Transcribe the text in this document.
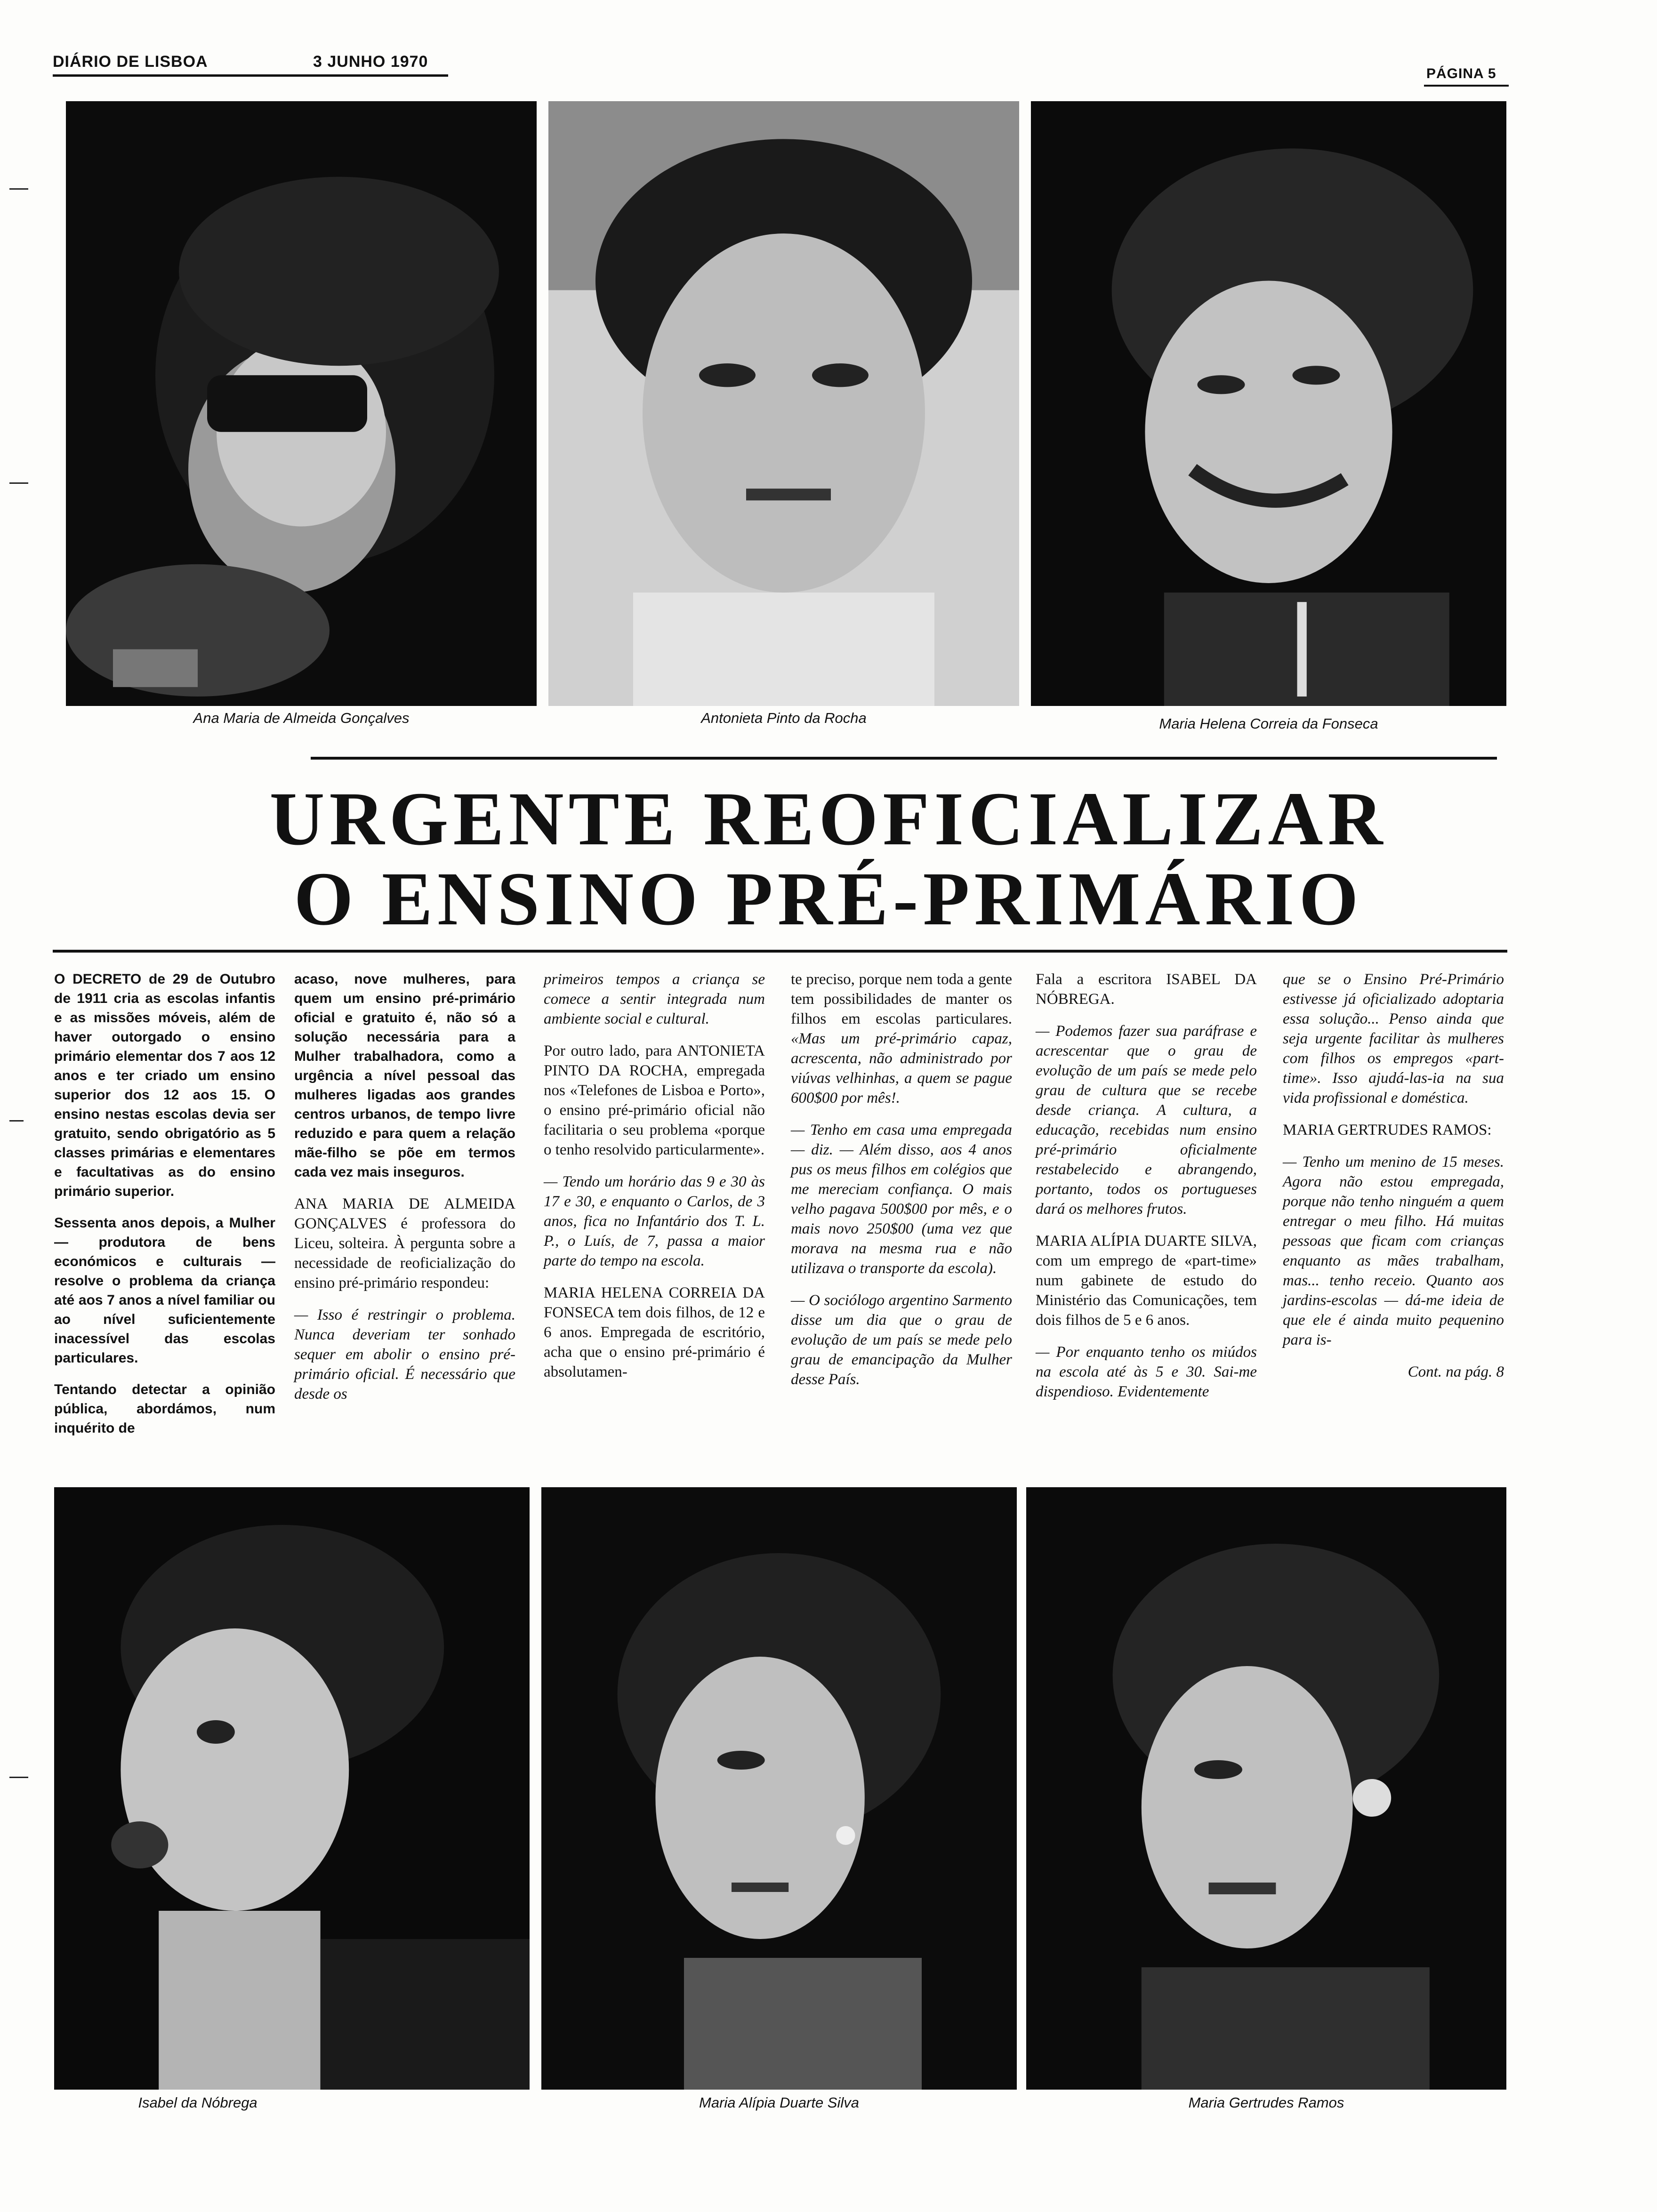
DIÁRIO DE LISBOA	3 JUNHO 1970
PÁGINA 5
Ana Maria de Almeida Gonçalves	Antonieta Pinto da Rocha	Maria Helena Correia da Fonseca
URGENTE REOFICIALIZAR
O ENSINO PRÉ-PRIMÁRIO

O DECRETO de 29 de Outubro de 1911 cria as escolas infantis e as missões móveis, além de haver outorgado o ensino primário elementar dos 7 aos 12 anos e ter criado um ensino superior dos 12 aos 15. O ensino nestas escolas devia ser gratuito, sendo obrigatório as 5 classes primárias e elementares e facultativas as do ensino primário superior.

Sessenta anos depois, a Mulher — produtora de bens económicos e culturais — resolve o problema da criança até aos 7 anos a nível familiar ou ao nível suficientemente inacessível das escolas particulares.

Tentando detectar a opinião pública, abordámos, num inquérito de

acaso, nove mulheres, para quem um ensino pré-primário oficial e gratuito é, não só a solução necessária para a Mulher trabalhadora, como a urgência a nível pessoal das mulheres ligadas aos grandes centros urbanos, de tempo livre reduzido e para quem a relação mãe-filho se põe em termos cada vez mais inseguros.

ANA MARIA DE ALMEIDA GONÇALVES é professora do Liceu, solteira. À pergunta sobre a necessidade de reoficialização do ensino pré-primário respondeu:

— Isso é restringir o problema. Nunca deveriam ter sonhado sequer em abolir o ensino pré-primário oficial. É necessário que desde os

primeiros tempos a criança se comece a sentir integrada num ambiente social e cultural.

Por outro lado, para ANTONIETA PINTO DA ROCHA, empregada nos «Telefones de Lisboa e Porto», o ensino pré-primário oficial não facilitaria o seu problema «porque o tenho resolvido particularmente».

— Tendo um horário das 9 e 30 às 17 e 30, e enquanto o Carlos, de 3 anos, fica no Infantário dos T. L. P., o Luís, de 7, passa a maior parte do tempo na escola.

MARIA HELENA CORREIA DA FONSECA tem dois filhos, de 12 e 6 anos. Empregada de escritório, acha que o ensino pré-primário é absolutamen-

te preciso, porque nem toda a gente tem possibilidades de manter os filhos em escolas particulares. «Mas um pré-primário capaz, acrescenta, não administrado por viúvas velhinhas, a quem se pague 600$00 por mês!.

— Tenho em casa uma empregada — diz. — Além disso, aos 4 anos pus os meus filhos em colégios que me mereciam confiança. O mais velho pagava 500$00 por mês, e o mais novo 250$00 (uma vez que morava na mesma rua e não utilizava o transporte da escola).

— O sociólogo argentino Sarmento disse um dia que o grau de evolução de um país se mede pelo grau de emancipação da Mulher desse País.

Fala a escritora ISABEL DA NÓBREGA.

— Podemos fazer sua paráfrase e acrescentar que o grau de evolução de um país se mede pelo grau de cultura que se recebe desde criança. A cultura, a educação, recebidas num ensino pré-primário oficialmente restabelecido e abrangendo, portanto, todos os portugueses dará os melhores frutos.

MARIA ALÍPIA DUARTE SILVA, com um emprego de «part-time» num gabinete de estudo do Ministério das Comunicações, tem dois filhos de 5 e 6 anos.

— Por enquanto tenho os miúdos na escola até às 5 e 30. Sai-me dispendioso. Evidentemente

que se o Ensino Pré-Primário estivesse já oficializado adoptaria essa solução... Penso ainda que seja urgente facilitar às mulheres com filhos os empregos «part-time». Isso ajudá-las-ia na sua vida profissional e doméstica.

MARIA GERTRUDES RAMOS:

— Tenho um menino de 15 meses. Agora não estou empregada, porque não tenho ninguém a quem entregar o meu filho. Há muitas pessoas que ficam com crianças enquanto as mães trabalham, mas... tenho receio. Quanto aos jardins-escolas — dá-me ideia de que ele é ainda muito pequenino para is-

Cont. na pág. 8

Isabel da Nóbrega	Maria Alípia Duarte Silva	Maria Gertrudes Ramos
